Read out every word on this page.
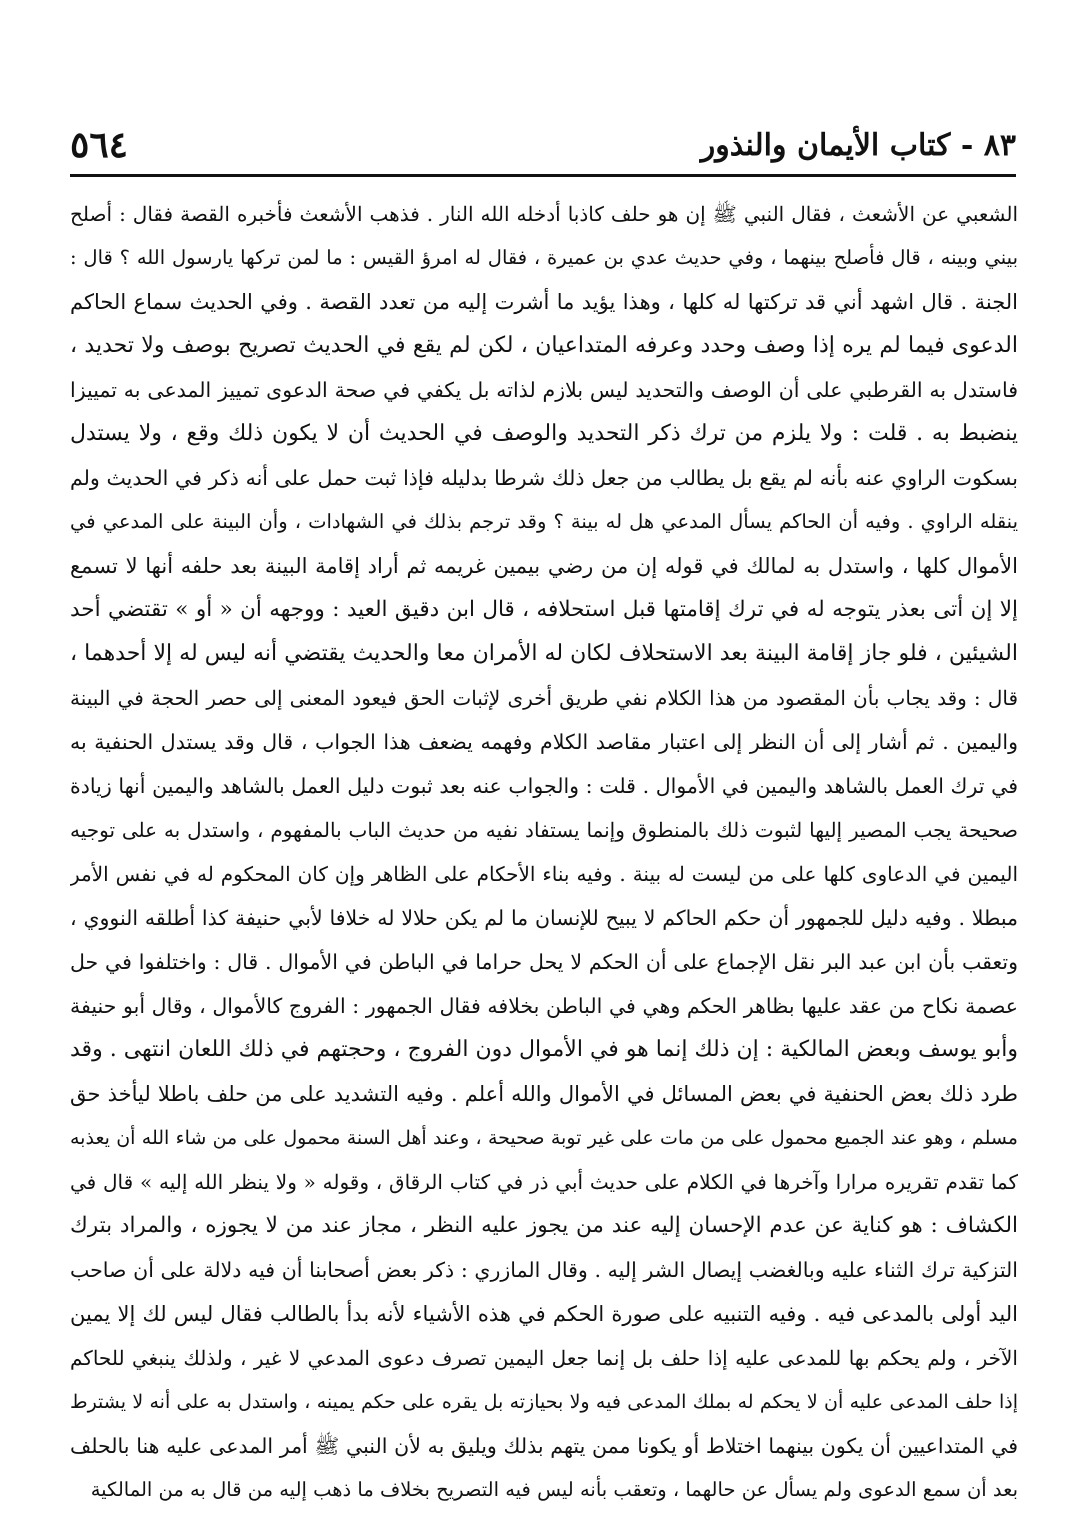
٥٦٤	٨٣ - كتاب الأيمان والنذور
الشعبي عن الأشعث ، فقال النبي ﷺ إن هو حلف كاذبا أدخله الله النار . فذهب الأشعث فأخبره القصة فقال : أصلح
بيني وبينه ، قال فأصلح بينهما ، وفي حديث عدي بن عميرة ، فقال له امرؤ القيس : ما لمن تركها يارسول الله ؟ قال :
الجنة . قال اشهد أني قد تركتها له كلها ، وهذا يؤيد ما أشرت إليه من تعدد القصة . وفي الحديث سماع الحاكم
الدعوى فيما لم يره إذا وصف وحدد وعرفه المتداعيان ، لكن لم يقع في الحديث تصريح بوصف ولا تحديد ،
فاستدل به القرطبي على أن الوصف والتحديد ليس بلازم لذاته بل يكفي في صحة الدعوى تمييز المدعى به تمييزا
ينضبط به . قلت : ولا يلزم من ترك ذكر التحديد والوصف في الحديث أن لا يكون ذلك وقع ، ولا يستدل
بسكوت الراوي عنه بأنه لم يقع بل يطالب من جعل ذلك شرطا بدليله فإذا ثبت حمل على أنه ذكر في الحديث ولم
ينقله الراوي . وفيه أن الحاكم يسأل المدعي هل له بينة ؟ وقد ترجم بذلك في الشهادات ، وأن البينة على المدعي في
الأموال كلها ، واستدل به لمالك في قوله إن من رضي بيمين غريمه ثم أراد إقامة البينة بعد حلفه أنها لا تسمع
إلا إن أتى بعذر يتوجه له في ترك إقامتها قبل استحلافه ، قال ابن دقيق العيد : ووجهه أن « أو » تقتضي أحد
الشيئين ، فلو جاز إقامة البينة بعد الاستحلاف لكان له الأمران معا والحديث يقتضي أنه ليس له إلا أحدهما ،
قال : وقد يجاب بأن المقصود من هذا الكلام نفي طريق أخرى لإثبات الحق فيعود المعنى إلى حصر الحجة في البينة
واليمين . ثم أشار إلى أن النظر إلى اعتبار مقاصد الكلام وفهمه يضعف هذا الجواب ، قال وقد يستدل الحنفية به
في ترك العمل بالشاهد واليمين في الأموال . قلت : والجواب عنه بعد ثبوت دليل العمل بالشاهد واليمين أنها زيادة
صحيحة يجب المصير إليها لثبوت ذلك بالمنطوق وإنما يستفاد نفيه من حديث الباب بالمفهوم ، واستدل به على توجيه
اليمين في الدعاوى كلها على من ليست له بينة . وفيه بناء الأحكام على الظاهر وإن كان المحكوم له في نفس الأمر
مبطلا . وفيه دليل للجمهور أن حكم الحاكم لا يبيح للإنسان ما لم يكن حلالا له خلافا لأبي حنيفة كذا أطلقه النووي ،
وتعقب بأن ابن عبد البر نقل الإجماع على أن الحكم لا يحل حراما في الباطن في الأموال . قال : واختلفوا في حل
عصمة نكاح من عقد عليها بظاهر الحكم وهي في الباطن بخلافه فقال الجمهور : الفروج كالأموال ، وقال أبو حنيفة
وأبو يوسف وبعض المالكية : إن ذلك إنما هو في الأموال دون الفروج ، وحجتهم في ذلك اللعان انتهى . وقد
طرد ذلك بعض الحنفية في بعض المسائل في الأموال والله أعلم . وفيه التشديد على من حلف باطلا ليأخذ حق
مسلم ، وهو عند الجميع محمول على من مات على غير توبة صحيحة ، وعند أهل السنة محمول على من شاء الله أن يعذبه
كما تقدم تقريره مرارا وآخرها في الكلام على حديث أبي ذر في كتاب الرقاق ، وقوله « ولا ينظر الله إليه » قال في
الكشاف : هو كناية عن عدم الإحسان إليه عند من يجوز عليه النظر ، مجاز عند من لا يجوزه ، والمراد بترك
التزكية ترك الثناء عليه وبالغضب إيصال الشر إليه . وقال المازري : ذكر بعض أصحابنا أن فيه دلالة على أن صاحب
اليد أولى بالمدعى فيه . وفيه التنبيه على صورة الحكم في هذه الأشياء لأنه بدأ بالطالب فقال ليس لك إلا يمين
الآخر ، ولم يحكم بها للمدعى عليه إذا حلف بل إنما جعل اليمين تصرف دعوى المدعي لا غير ، ولذلك ينبغي للحاكم
إذا حلف المدعى عليه أن لا يحكم له بملك المدعى فيه ولا بحيازته بل يقره على حكم يمينه ، واستدل به على أنه لا يشترط
في المتداعيين أن يكون بينهما اختلاط أو يكونا ممن يتهم بذلك ويليق به لأن النبي ﷺ أمر المدعى عليه هنا بالحلف
بعد أن سمع الدعوى ولم يسأل عن حالهما ، وتعقب بأنه ليس فيه التصريح بخلاف ما ذهب إليه من قال به من المالكية
